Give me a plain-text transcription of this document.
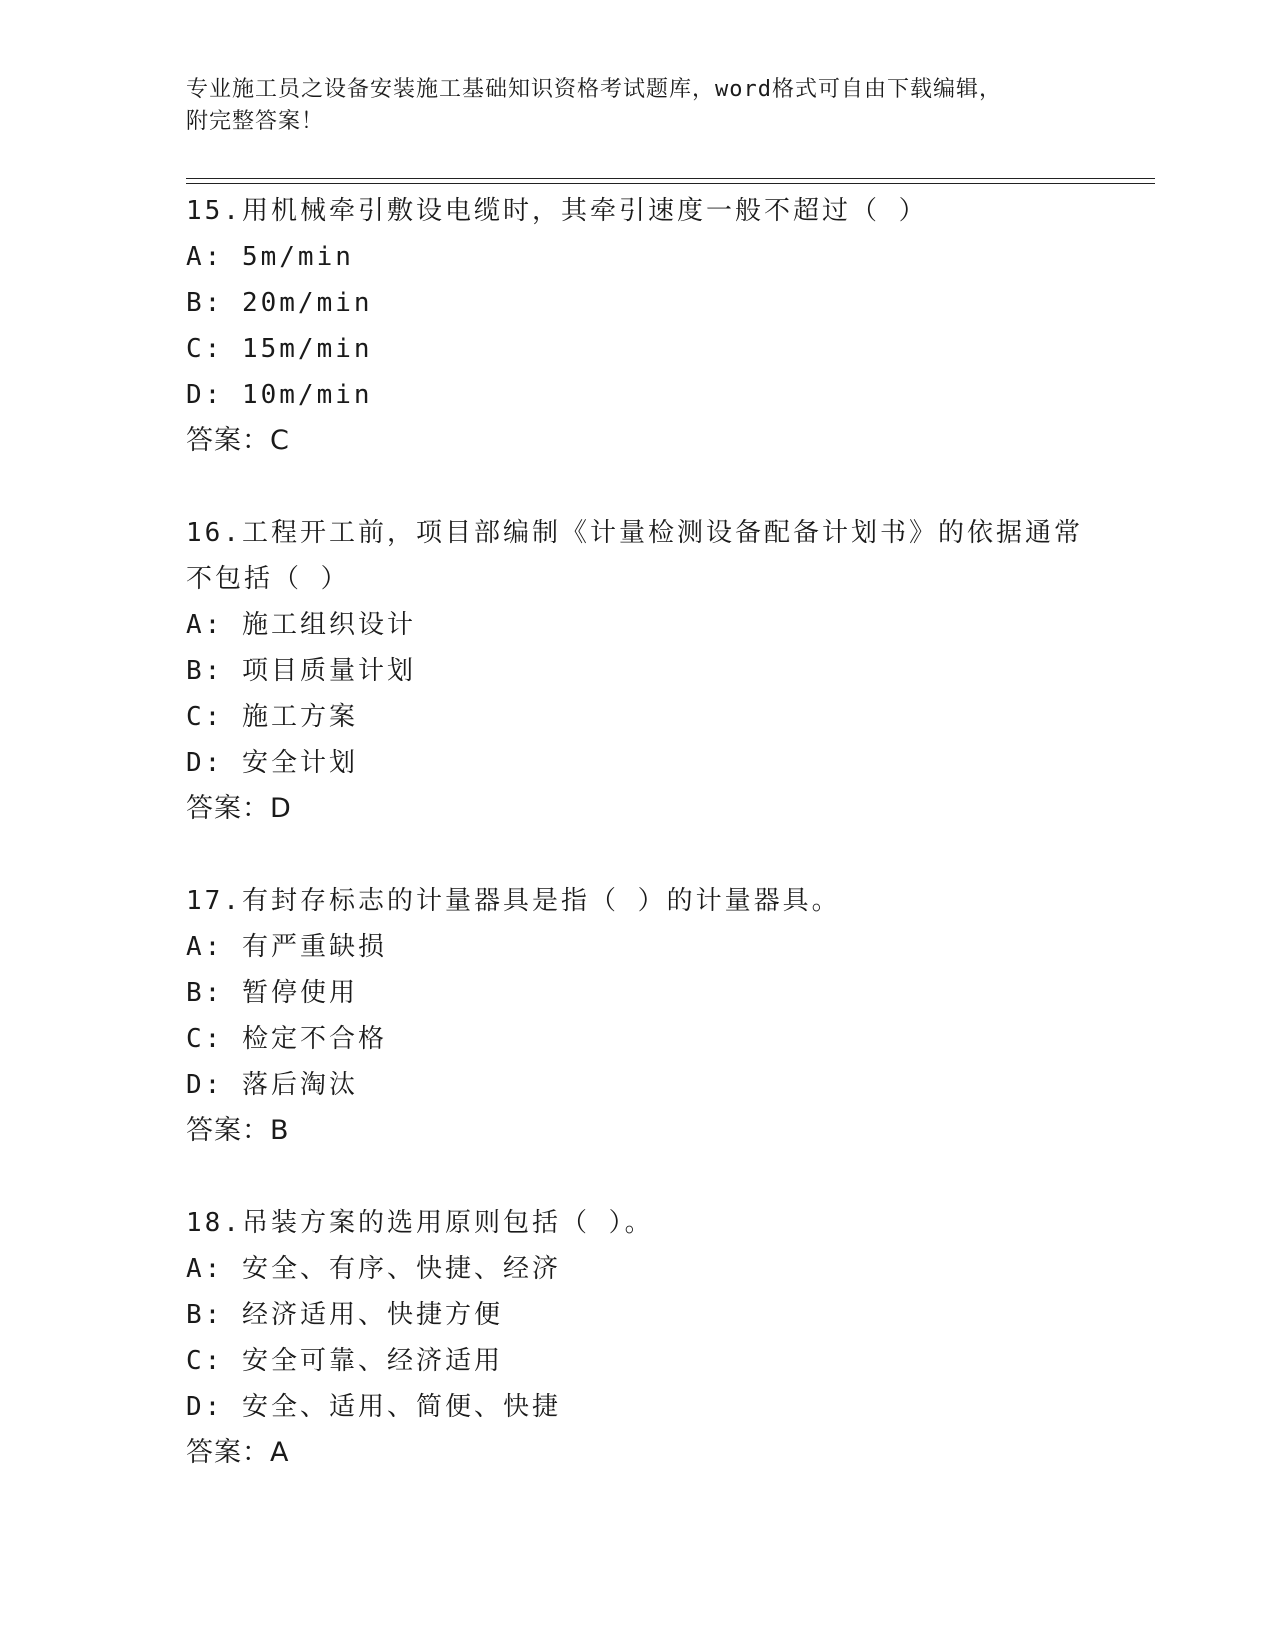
专业施工员之设备安装施工基础知识资格考试题库，word格式可自由下载编辑，
附完整答案！
15.用机械牵引敷设电缆时，其牵引速度一般不超过（ ）
A: 5m/min
B: 20m/min
C: 15m/min
D: 10m/min
答案：C
16.工程开工前，项目部编制《计量检测设备配备计划书》的依据通常不包括（ ）
A: 施工组织设计
B: 项目质量计划
C: 施工方案
D: 安全计划
答案：D
17.有封存标志的计量器具是指（ ）的计量器具。
A: 有严重缺损
B: 暂停使用
C: 检定不合格
D: 落后淘汰
答案：B
18.吊装方案的选用原则包括（ ）。
A: 安全、有序、快捷、经济
B: 经济适用、快捷方便
C: 安全可靠、经济适用
D: 安全、适用、简便、快捷
答案：A
